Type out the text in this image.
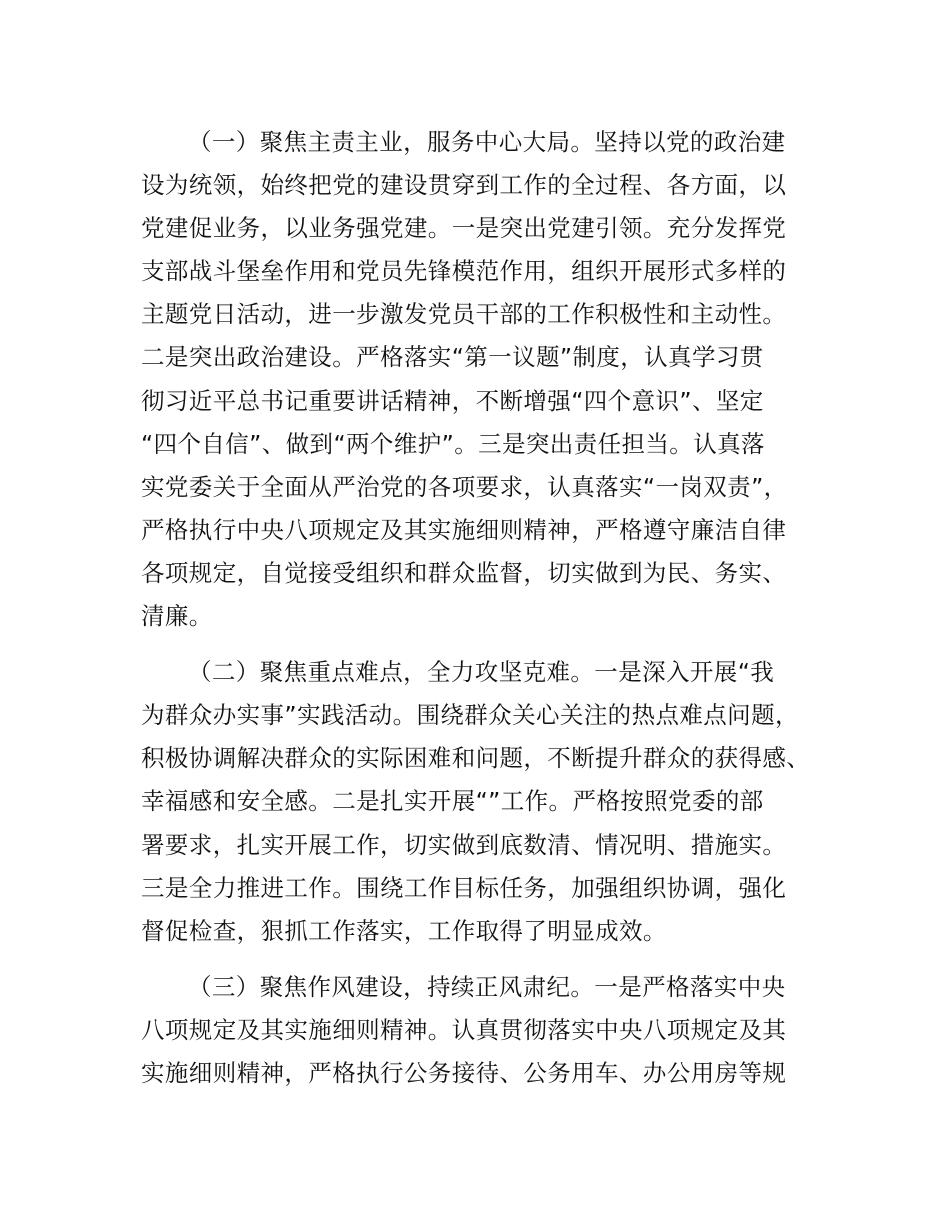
（一）聚焦主责主业，服务中心大局。坚持以党的政治建
设为统领，始终把党的建设贯穿到工作的全过程、各方面，以
党建促业务，以业务强党建。一是突出党建引领。充分发挥党
支部战斗堡垒作用和党员先锋模范作用，组织开展形式多样的
主题党日活动，进一步激发党员干部的工作积极性和主动性。
二是突出政治建设。严格落实“第一议题”制度，认真学习贯
彻习近平总书记重要讲话精神，不断增强“四个意识”、坚定
“四个自信”、做到“两个维护”。三是突出责任担当。认真落
实党委关于全面从严治党的各项要求，认真落实“一岗双责”，
严格执行中央八项规定及其实施细则精神，严格遵守廉洁自律
各项规定，自觉接受组织和群众监督，切实做到为民、务实、
清廉。
（二）聚焦重点难点，全力攻坚克难。一是深入开展“我
为群众办实事”实践活动。围绕群众关心关注的热点难点问题，
积极协调解决群众的实际困难和问题，不断提升群众的获得感、
幸福感和安全感。二是扎实开展“”工作。严格按照党委的部
署要求，扎实开展工作，切实做到底数清、情况明、措施实。
三是全力推进工作。围绕工作目标任务，加强组织协调，强化
督促检查，狠抓工作落实，工作取得了明显成效。
（三）聚焦作风建设，持续正风肃纪。一是严格落实中央
八项规定及其实施细则精神。认真贯彻落实中央八项规定及其
实施细则精神，严格执行公务接待、公务用车、办公用房等规
